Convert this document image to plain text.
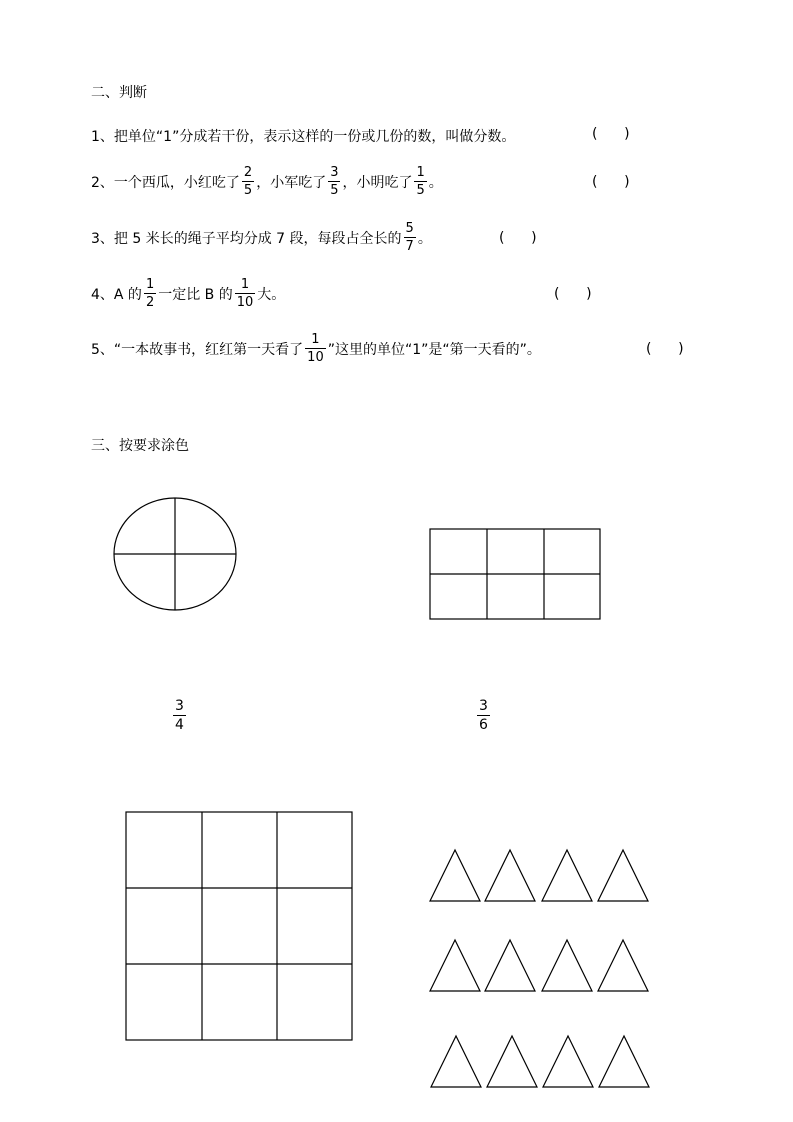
二、判断
1、把单位“1”分成若干份，表示这样的一份或几份的数，叫做分数。	(      )
2、一个西瓜，小红吃了 $\frac{2}{5}$ ，小军吃了 $\frac{3}{5}$ ，小明吃了 $\frac{1}{5}$ 。	(      )
3、把 5 米长的绳子平均分成 7 段，每段占全长的 $\frac{5}{7}$ 。	(      )
4、A 的 $\frac{1}{2}$ 一定比 B 的 $\frac{1}{10}$ 大。	(      )
5、“一本故事书，红红第一天看了 $\frac{1}{10}$ ”这里的单位“1”是“第一天看的”。	(      )
三、按要求涂色
$\frac{3}{4}$	$\frac{3}{6}$
